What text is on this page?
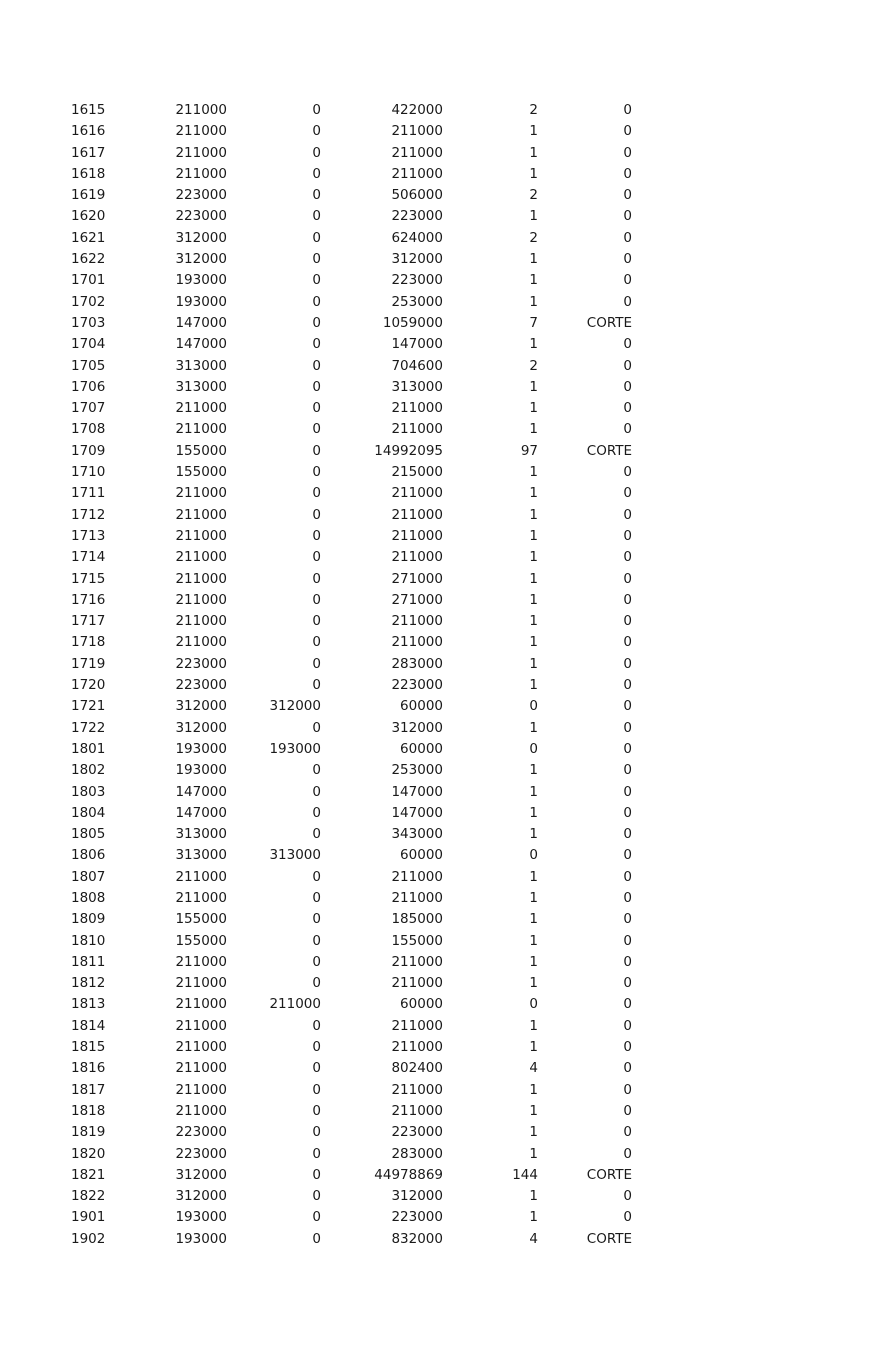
1615	211000	0	422000	2	0
1616	211000	0	211000	1	0
1617	211000	0	211000	1	0
1618	211000	0	211000	1	0
1619	223000	0	506000	2	0
1620	223000	0	223000	1	0
1621	312000	0	624000	2	0
1622	312000	0	312000	1	0
1701	193000	0	223000	1	0
1702	193000	0	253000	1	0
1703	147000	0	1059000	7	CORTE
1704	147000	0	147000	1	0
1705	313000	0	704600	2	0
1706	313000	0	313000	1	0
1707	211000	0	211000	1	0
1708	211000	0	211000	1	0
1709	155000	0	14992095	97	CORTE
1710	155000	0	215000	1	0
1711	211000	0	211000	1	0
1712	211000	0	211000	1	0
1713	211000	0	211000	1	0
1714	211000	0	211000	1	0
1715	211000	0	271000	1	0
1716	211000	0	271000	1	0
1717	211000	0	211000	1	0
1718	211000	0	211000	1	0
1719	223000	0	283000	1	0
1720	223000	0	223000	1	0
1721	312000	312000	60000	0	0
1722	312000	0	312000	1	0
1801	193000	193000	60000	0	0
1802	193000	0	253000	1	0
1803	147000	0	147000	1	0
1804	147000	0	147000	1	0
1805	313000	0	343000	1	0
1806	313000	313000	60000	0	0
1807	211000	0	211000	1	0
1808	211000	0	211000	1	0
1809	155000	0	185000	1	0
1810	155000	0	155000	1	0
1811	211000	0	211000	1	0
1812	211000	0	211000	1	0
1813	211000	211000	60000	0	0
1814	211000	0	211000	1	0
1815	211000	0	211000	1	0
1816	211000	0	802400	4	0
1817	211000	0	211000	1	0
1818	211000	0	211000	1	0
1819	223000	0	223000	1	0
1820	223000	0	283000	1	0
1821	312000	0	44978869	144	CORTE
1822	312000	0	312000	1	0
1901	193000	0	223000	1	0
1902	193000	0	832000	4	CORTE
